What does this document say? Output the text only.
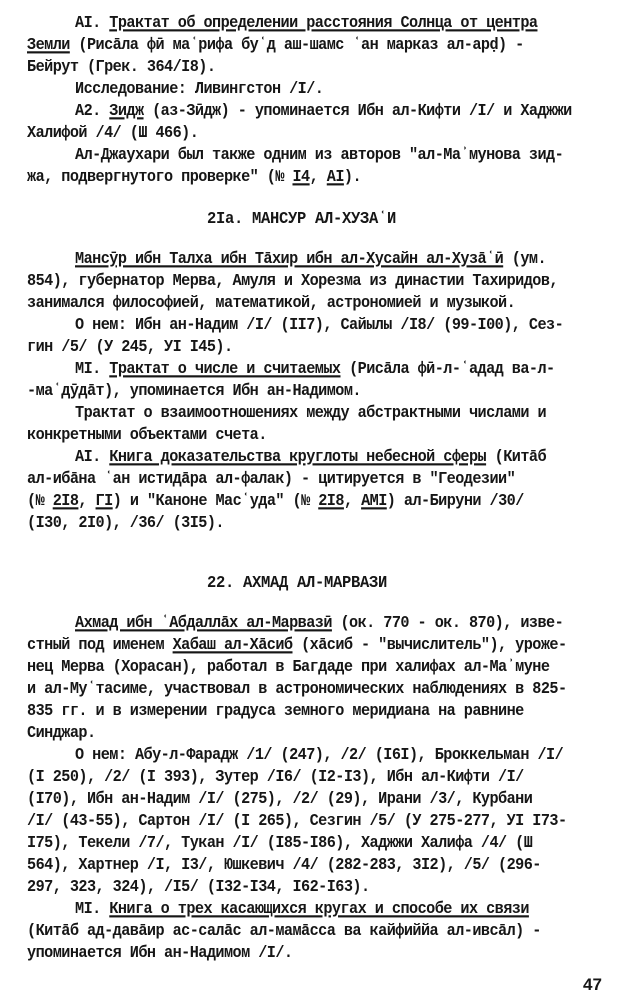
AI. Трактат об определении расстояния Солнца от центра
Земли (Рисāла фӣ маʿрифа буʿд аш-шамс ʿан марказ ал-арḍ) -
Бейрут (Грек. 364/I8).
Исследование: Ливингстон /I/.
A2. Зидж (аз-Зӣдж) - упоминается Ибн ал-Кифти /I/ и Хаджжи
Халифой /4/ (Ш 466).
Ал-Джаухари был также одним из авторов "ал-Маʾмунова зид-
жа, подвергнутого проверке" (№ I4, AI).
2Ia. МАНСУР АЛ-ХУЗАʿИ
Мансӯр ибн Талха ибн Тāхир ибн ал-Хусайн ал-Хузāʿӣ (ум.
854), губернатор Мерва, Амуля и Хорезма из династии Тахиридов,
занимался философией, математикой, астрономией и музыкой.
О нем: Ибн ан-Надим /I/ (II7), Сайылы /I8/ (99-I00), Сез-
гин /5/ (У 245, УI I45).
MI. Трактат о числе и считаемых (Рисāла фӣ-л-ʿадад ва-л-
-маʿдӯдāт), упоминается Ибн ан-Надимом.
Трактат о взаимоотношениях между абстрактными числами и
конкретными объектами счета.
AI. Книга доказательства круглоты небесной сферы (Китāб
ал-ибāна ʿан истидāра ал-фалак) - цитируется в "Геодезии"
(№ 2I8, ГI) и "Каноне Масʿуда" (№ 2I8, AMI) ал-Бируни /30/
(I30, 2I0), /36/ (3I5).
22. АХМАД АЛ-МАРВАЗИ
Ахмад ибн ʿАбдаллāх ал-Марвазӣ (ок. 770 - ок. 870), изве-
стный под именем Хабаш ал-Хāсиб (хāсиб - "вычислитель"), уроже-
нец Мерва (Хорасан), работал в Багдаде при халифах ал-Маʾмуне
и ал-Муʿтасиме, участвовал в астрономических наблюдениях в 825-
835 гг. и в измерении градуса земного меридиана на равнине
Синджар.
О нем: Абу-л-Фарадж /1/ (247), /2/ (I6I), Броккельман /I/
(I 250), /2/ (I 393), Зутер /I6/ (I2-I3), Ибн ал-Кифти /I/
(I70), Ибн ан-Надим /I/ (275), /2/ (29), Ирани /3/, Курбани
/I/ (43-55), Сартон /I/ (I 265), Сезгин /5/ (У 275-277, УI I73-
I75), Текели /7/, Тукан /I/ (I85-I86), Хаджжи Халифа /4/ (Ш
564), Хартнер /I, I3/, Юшкевич /4/ (282-283, 3I2), /5/ (296-
297, 323, 324), /I5/ (I32-I34, I62-I63).
MI. Книга о трех касающихся кругах и способе их связи
(Китāб ад-давāир ас-салāс ал-мамāсса ва кайфиййа ал-ивсāл) -
упоминается Ибн ан-Надимом /I/.
47
